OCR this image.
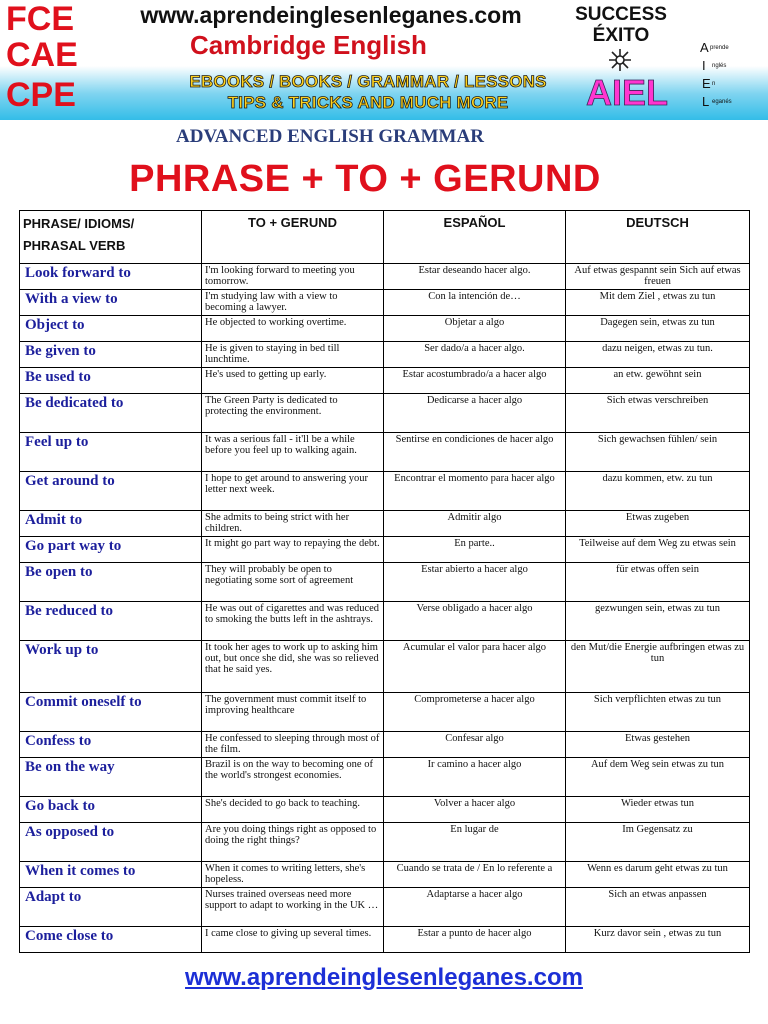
FCE
CAE
CPE
www.aprendeinglesenleganes.com
Cambridge English
EBOOKS / BOOKS / GRAMMAR / LESSONS
TIPS & TRICKS AND MUCH MORE
SUCCESS
ÉXITO
AIEL
A prende
I nglés
E n
L eganés
ADVANCED ENGLISH GRAMMAR
PHRASE + TO + GERUND
PHRASE/ IDIOMS/
PHRASAL VERB	TO + GERUND	ESPAÑOL	DEUTSCH
Look forward to	I'm looking forward to meeting you tomorrow.	Estar deseando hacer algo.	Auf etwas gespannt sein Sich auf etwas freuen
With a view to	I'm studying law with a view to becoming a lawyer.	Con la intención de…	Mit dem Ziel , etwas zu tun
Object to	He objected to working overtime.	Objetar a algo	Dagegen sein, etwas zu tun
Be given to	He is given to staying in bed till lunchtime.	Ser dado/a a hacer algo.	dazu neigen, etwas zu tun.
Be used to	He's used to getting up early.	Estar acostumbrado/a a hacer algo	an etw. gewöhnt sein
Be dedicated to	The Green Party is dedicated to protecting the environment.	Dedicarse a hacer algo	Sich etwas verschreiben
Feel up to	It was a serious fall - it'll be a while before you feel up to walking again.	Sentirse en condiciones de hacer algo	Sich gewachsen fühlen/ sein
Get around to	I hope to get around to answering your letter next week.	Encontrar el momento para hacer algo	dazu kommen, etw. zu tun
Admit to	She admits to being strict with her children.	Admitir algo	Etwas zugeben
Go part way to	It might go part way to repaying the debt.	En parte..	Teilweise auf dem Weg zu etwas sein
Be open to	They will probably be open to negotiating some sort of agreement	Estar abierto a hacer algo	für etwas offen sein
Be reduced to	He was out of cigarettes and was reduced to smoking the butts left in the ashtrays.	Verse obligado a hacer algo	gezwungen sein, etwas zu tun
Work up to	It took her ages to work up to asking him out, but once she did, she was so relieved that he said yes.	Acumular el valor para hacer algo	den Mut/die Energie aufbringen etwas zu tun
Commit oneself to	The government must commit itself to improving healthcare	Comprometerse a hacer algo	Sich verpflichten etwas zu tun
Confess to	He confessed to sleeping through most of the film.	Confesar algo	Etwas gestehen
Be on the way	Brazil is on the way to becoming one of the world's strongest economies.	Ir camino a hacer algo	Auf dem Weg sein etwas zu tun
Go back to	She's decided to go back to teaching.	Volver a hacer algo	Wieder etwas tun
As opposed to	Are you doing things right as opposed to doing the right things?	En lugar de	Im Gegensatz zu
When it comes to	When it comes to writing letters, she's hopeless.	Cuando se trata de / En lo referente a	Wenn es darum geht etwas zu tun
Adapt to	Nurses trained overseas need more support to adapt to working in the UK …	Adaptarse a hacer algo	Sich an etwas anpassen
Come close to	I came close to giving up several times.	Estar a punto de hacer algo	Kurz davor sein , etwas zu tun
www.aprendeinglesenleganes.com
